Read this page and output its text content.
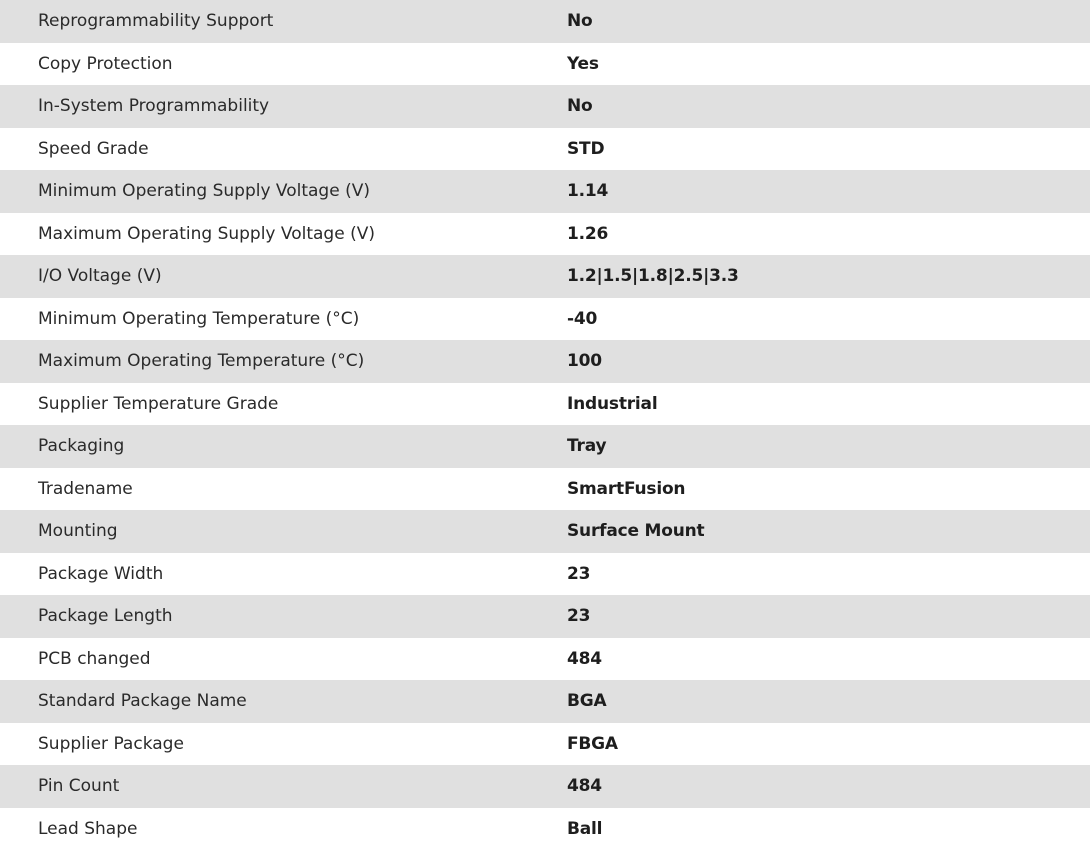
Reprogrammability Support	No
Copy Protection	Yes
In-System Programmability	No
Speed Grade	STD
Minimum Operating Supply Voltage (V)	1.14
Maximum Operating Supply Voltage (V)	1.26
I/O Voltage (V)	1.2|1.5|1.8|2.5|3.3
Minimum Operating Temperature (°C)	-40
Maximum Operating Temperature (°C)	100
Supplier Temperature Grade	Industrial
Packaging	Tray
Tradename	SmartFusion
Mounting	Surface Mount
Package Width	23
Package Length	23
PCB changed	484
Standard Package Name	BGA
Supplier Package	FBGA
Pin Count	484
Lead Shape	Ball
